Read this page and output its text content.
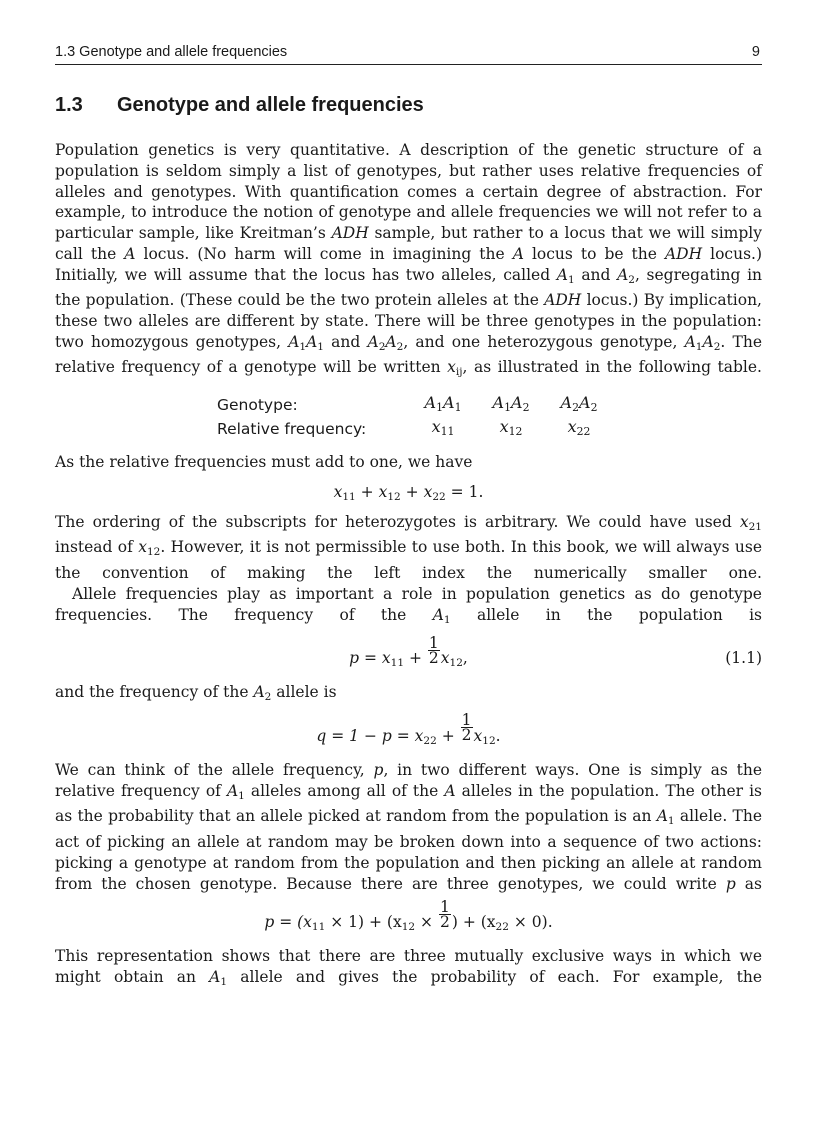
1.3 Genotype and allele frequencies	9
1.3 Genotype and allele frequencies

Population genetics is very quantitative. A description of the genetic structure of a population is seldom simply a list of genotypes, but rather uses relative frequencies of alleles and genotypes. With quantification comes a certain degree of abstraction. For example, to introduce the notion of genotype and allele frequencies we will not refer to a particular sample, like Kreitman’s ADH sample, but rather to a locus that we will simply call the A locus. (No harm will come in imagining the A locus to be the ADH locus.) Initially, we will assume that the locus has two alleles, called $A_1$ and $A_2$, segregating in the population. (These could be the two protein alleles at the ADH locus.) By implication, these two alleles are different by state. There will be three genotypes in the population: two homozygous genotypes, $A_1A_1$ and $A_2A_2$, and one heterozygous genotype, $A_1A_2$. The relative frequency of a genotype will be written $x_{ij}$, as illustrated in the following table.

Genotype:	$A_1A_1$	$A_1A_2$	$A_2A_2$
Relative frequency:	$x_{11}$	$x_{12}$	$x_{22}$

As the relative frequencies must add to one, we have

$x_{11} + x_{12} + x_{22} = 1$.

The ordering of the subscripts for heterozygotes is arbitrary. We could have used $x_{21}$ instead of $x_{12}$. However, it is not permissible to use both. In this book, we will always use the convention of making the left index the numerically smaller one.

Allele frequencies play as important a role in population genetics as do genotype frequencies. The frequency of the $A_1$ allele in the population is

$p = x_{11} + \frac{1}{2} x_{12}$,	(1.1)

and the frequency of the $A_2$ allele is

$q = 1 - p = x_{22} + \frac{1}{2} x_{12}$.

We can think of the allele frequency, p, in two different ways. One is simply as the relative frequency of $A_1$ alleles among all of the A alleles in the population. The other is as the probability that an allele picked at random from the population is an $A_1$ allele. The act of picking an allele at random may be broken down into a sequence of two actions: picking a genotype at random from the population and then picking an allele at random from the chosen genotype. Because there are three genotypes, we could write p as

$p = (x_{11} \times 1) + (x_{12} \times \frac{1}{2}$ ) + $(x_{22} \times 0)$.

This representation shows that there are three mutually exclusive ways in which we might obtain an $A_1$ allele and gives the probability of each. For example, the
